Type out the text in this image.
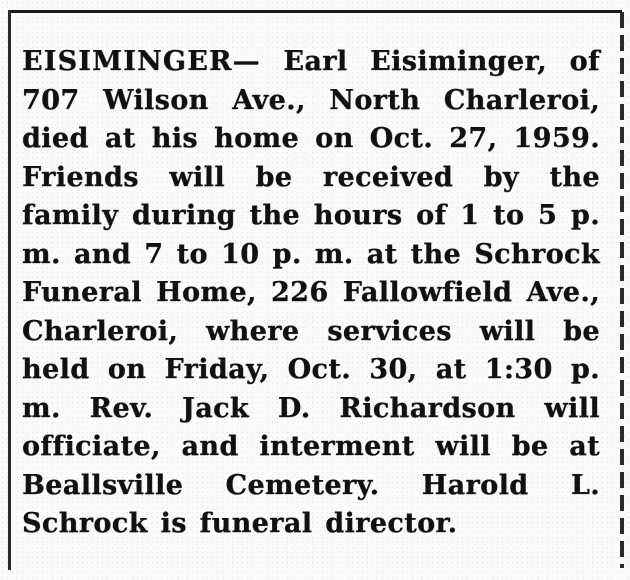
EISIMINGER— Earl Eisiminger, of 707 Wilson Ave., North Charleroi, died at his home on Oct. 27, 1959. Friends will be received by the family during the hours of 1 to 5 p. m. and 7 to 10 p. m. at the Schrock Funeral Home, 226 Fallowfield Ave., Charleroi, where services will be held on Friday, Oct. 30, at 1:30 p. m. Rev. Jack D. Richardson will officiate, and interment will be at Beallsville Cemetery. Harold L. Schrock is funeral director.
